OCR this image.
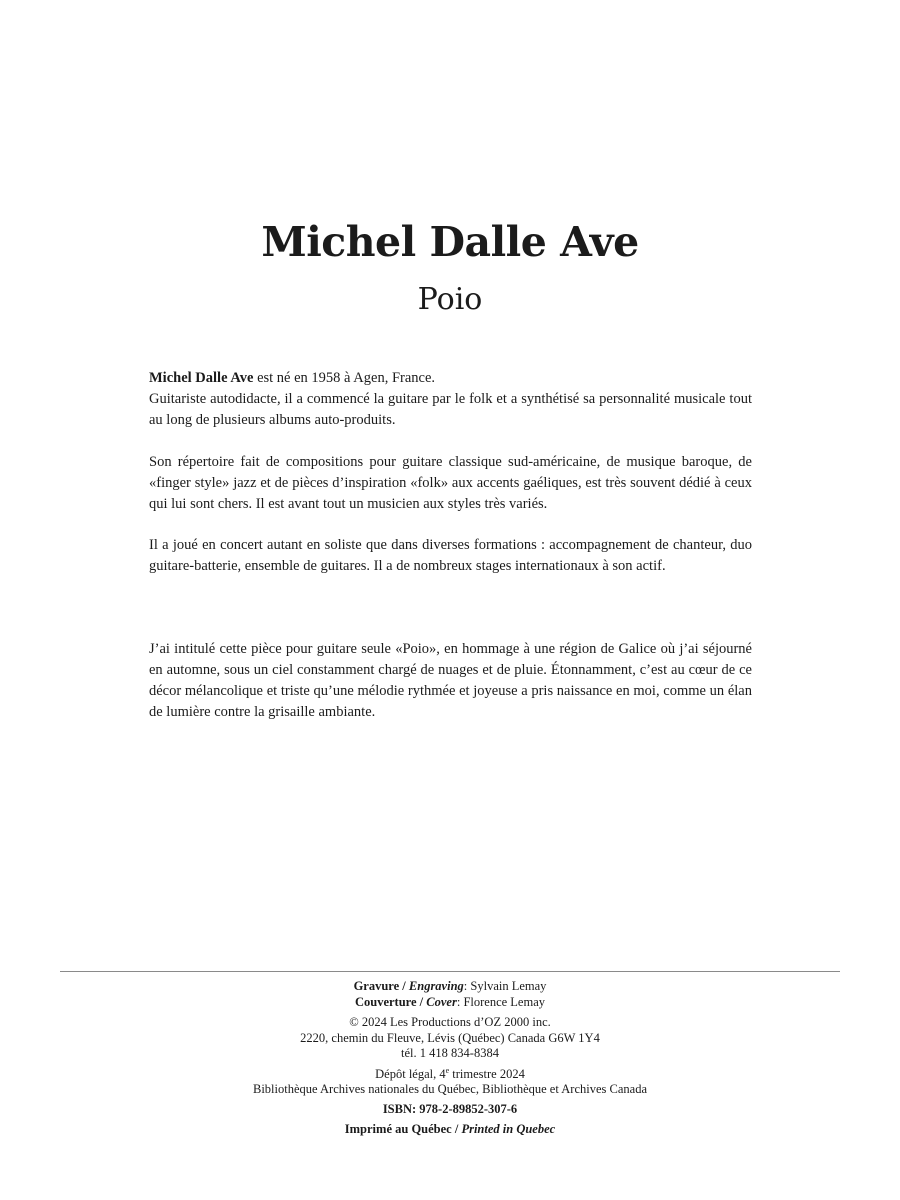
Michel Dalle Ave
Poio

Michel Dalle Ave est né en 1958 à Agen, France.

Guitariste autodidacte, il a commencé la guitare par le folk et a synthétisé sa personnalité musicale tout au long de plusieurs albums auto-produits.

Son répertoire fait de compositions pour guitare classique sud-américaine, de musique baroque, de «finger style» jazz et de pièces d’inspiration «folk» aux accents gaéliques, est très souvent dédié à ceux qui lui sont chers. Il est avant tout un musicien aux styles très variés.

Il a joué en concert autant en soliste que dans diverses formations : accompagnement de chanteur, duo guitare-batterie, ensemble de guitares. Il a de nombreux stages internationaux à son actif.

J’ai intitulé cette pièce pour guitare seule «Poio», en hommage à une région de Galice où j’ai séjourné en automne, sous un ciel constamment chargé de nuages et de pluie. Étonnamment, c’est au cœur de ce décor mélancolique et triste qu’une mélodie rythmée et joyeuse a pris naissance en moi, comme un élan de lumière contre la grisaille ambiante.

Gravure / Engraving: Sylvain Lemay
Couverture / Cover: Florence Lemay
© 2024 Les Productions d’OZ 2000 inc.
2220, chemin du Fleuve, Lévis (Québec) Canada G6W 1Y4
tél. 1 418 834-8384
Dépôt légal, 4e trimestre 2024
Bibliothèque Archives nationales du Québec, Bibliothèque et Archives Canada
ISBN: 978-2-89852-307-6
Imprimé au Québec / Printed in Quebec
